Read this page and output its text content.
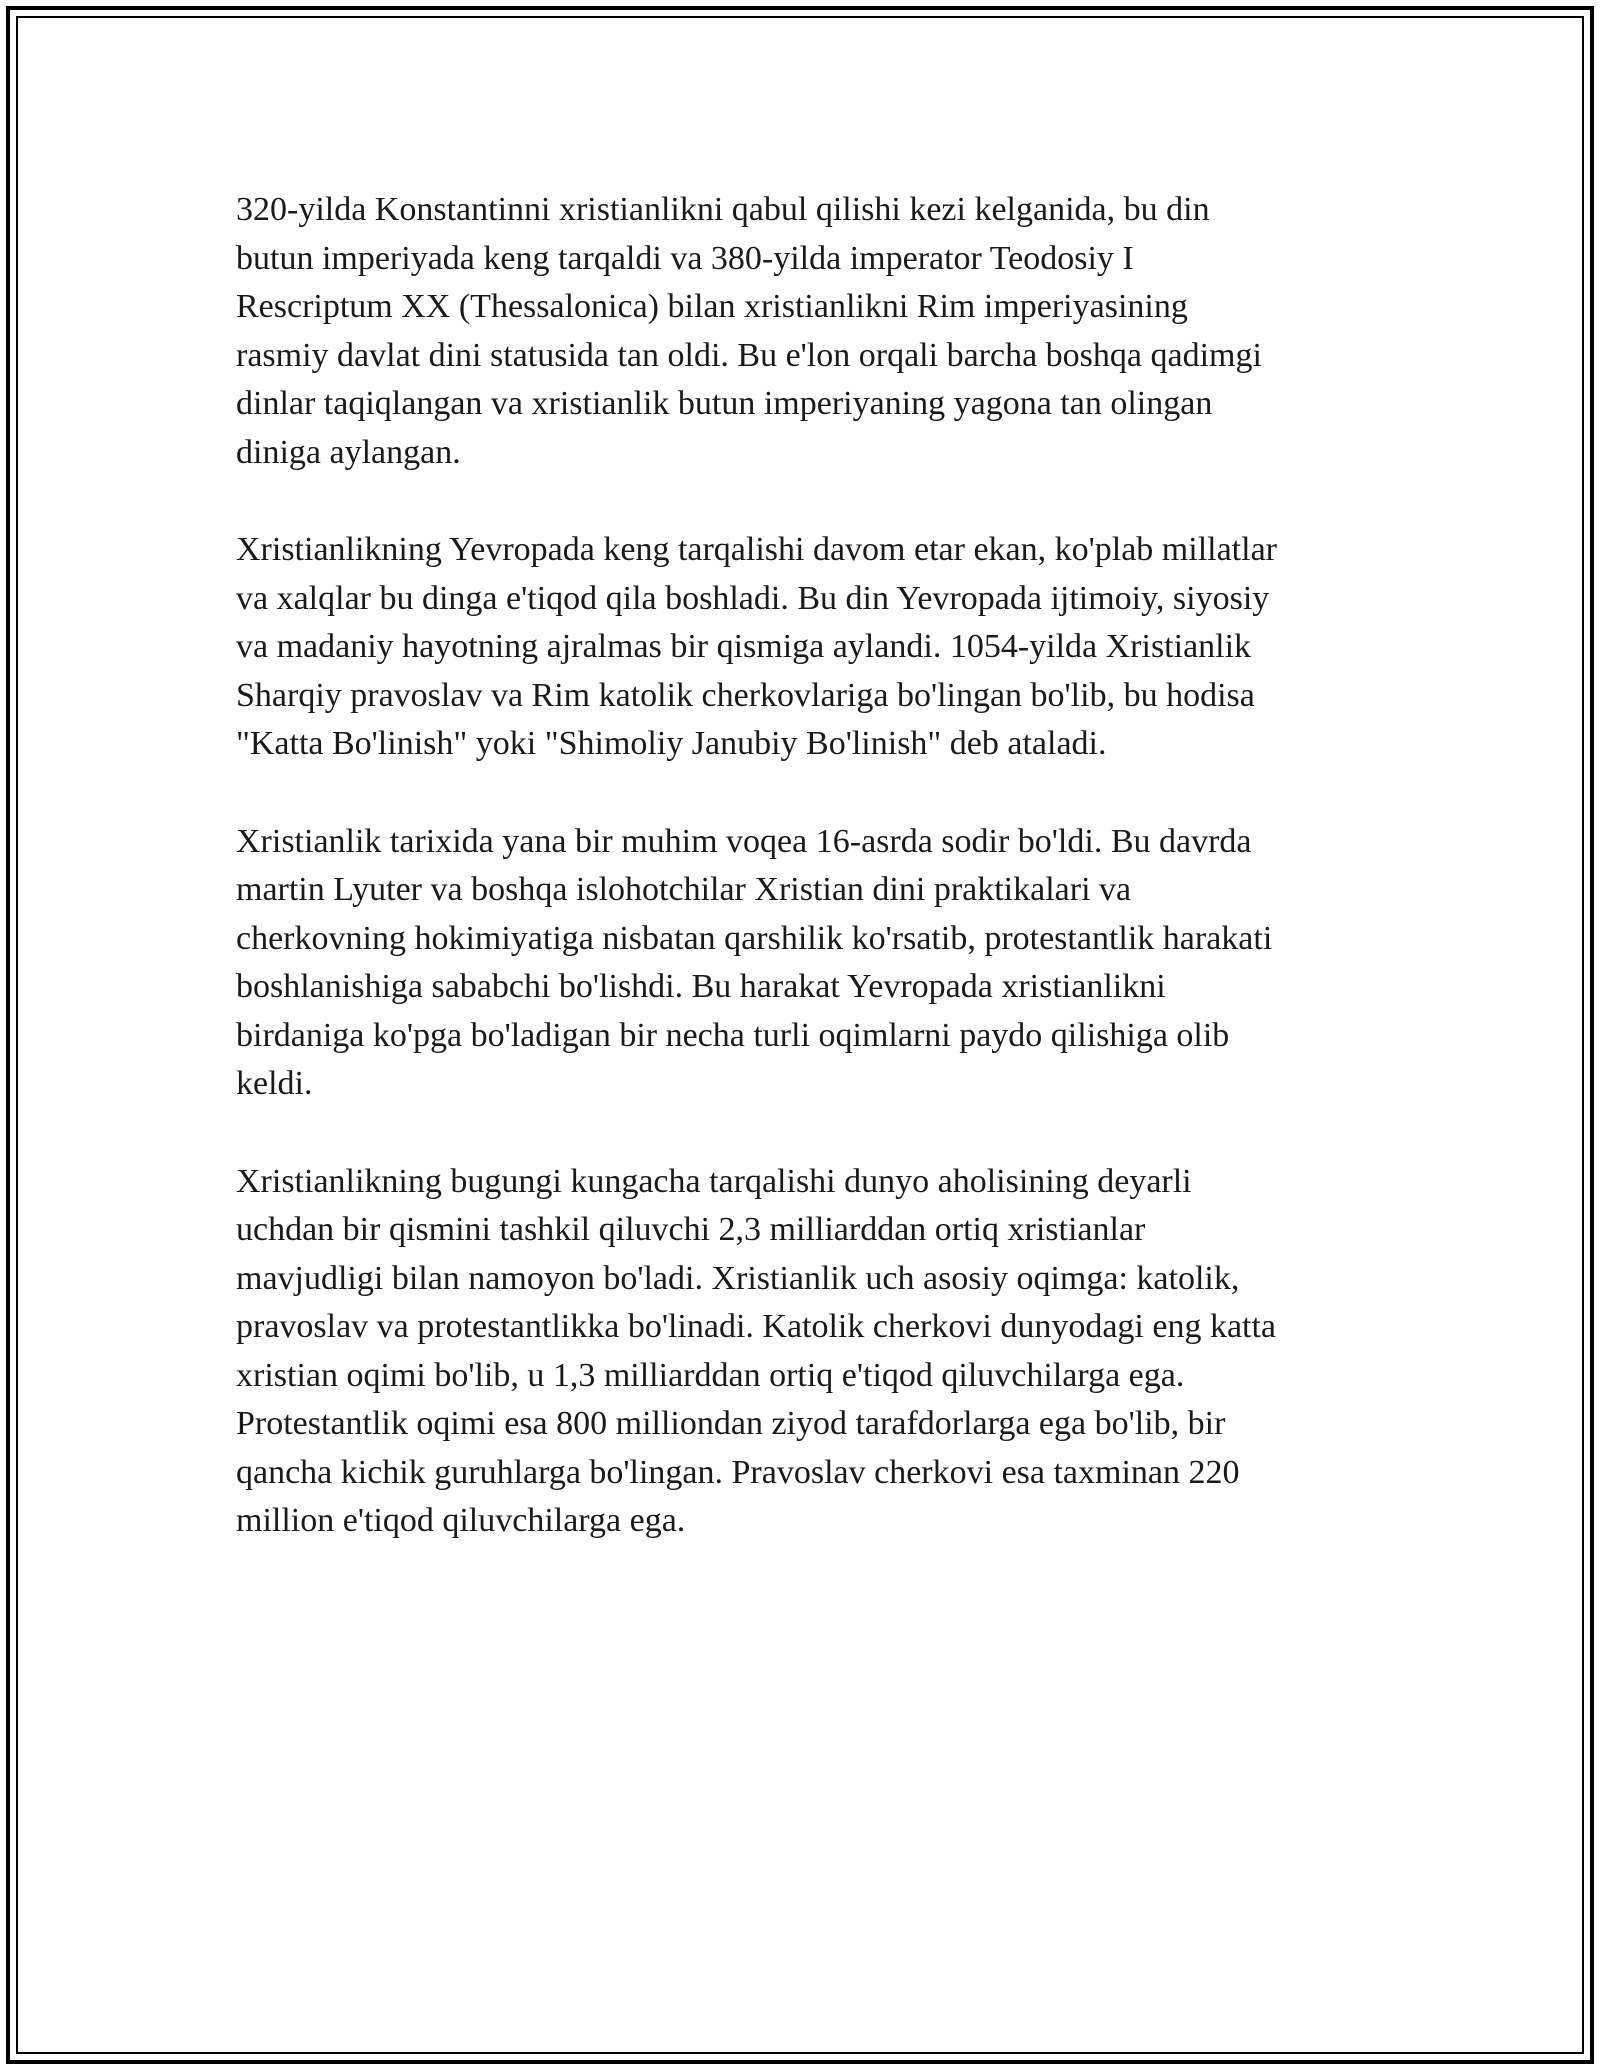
320-yilda Konstantinni xristianlikni qabul qilishi kezi kelganida, bu din
butun imperiyada keng tarqaldi va 380-yilda imperator Teodosiy I
Rescriptum XX (Thessalonica) bilan xristianlikni Rim imperiyasining
rasmiy davlat dini statusida tan oldi. Bu e'lon orqali barcha boshqa qadimgi
dinlar taqiqlangan va xristianlik butun imperiyaning yagona tan olingan
diniga aylangan.

Xristianlikning Yevropada keng tarqalishi davom etar ekan, ko'plab millatlar
va xalqlar bu dinga e'tiqod qila boshladi. Bu din Yevropada ijtimoiy, siyosiy
va madaniy hayotning ajralmas bir qismiga aylandi. 1054-yilda Xristianlik
Sharqiy pravoslav va Rim katolik cherkovlariga bo'lingan bo'lib, bu hodisa
"Katta Bo'linish" yoki "Shimoliy Janubiy Bo'linish" deb ataladi.

Xristianlik tarixida yana bir muhim voqea 16-asrda sodir bo'ldi. Bu davrda
martin Lyuter va boshqa islohotchilar Xristian dini praktikalari va
cherkovning hokimiyatiga nisbatan qarshilik ko'rsatib, protestantlik harakati
boshlanishiga sababchi bo'lishdi. Bu harakat Yevropada xristianlikni
birdaniga ko'pga bo'ladigan bir necha turli oqimlarni paydo qilishiga olib
keldi.

Xristianlikning bugungi kungacha tarqalishi dunyo aholisining deyarli
uchdan bir qismini tashkil qiluvchi 2,3 milliarddan ortiq xristianlar
mavjudligi bilan namoyon bo'ladi. Xristianlik uch asosiy oqimga: katolik,
pravoslav va protestantlikka bo'linadi. Katolik cherkovi dunyodagi eng katta
xristian oqimi bo'lib, u 1,3 milliarddan ortiq e'tiqod qiluvchilarga ega.
Protestantlik oqimi esa 800 milliondan ziyod tarafdorlarga ega bo'lib, bir
qancha kichik guruhlarga bo'lingan. Pravoslav cherkovi esa taxminan 220
million e'tiqod qiluvchilarga ega.
